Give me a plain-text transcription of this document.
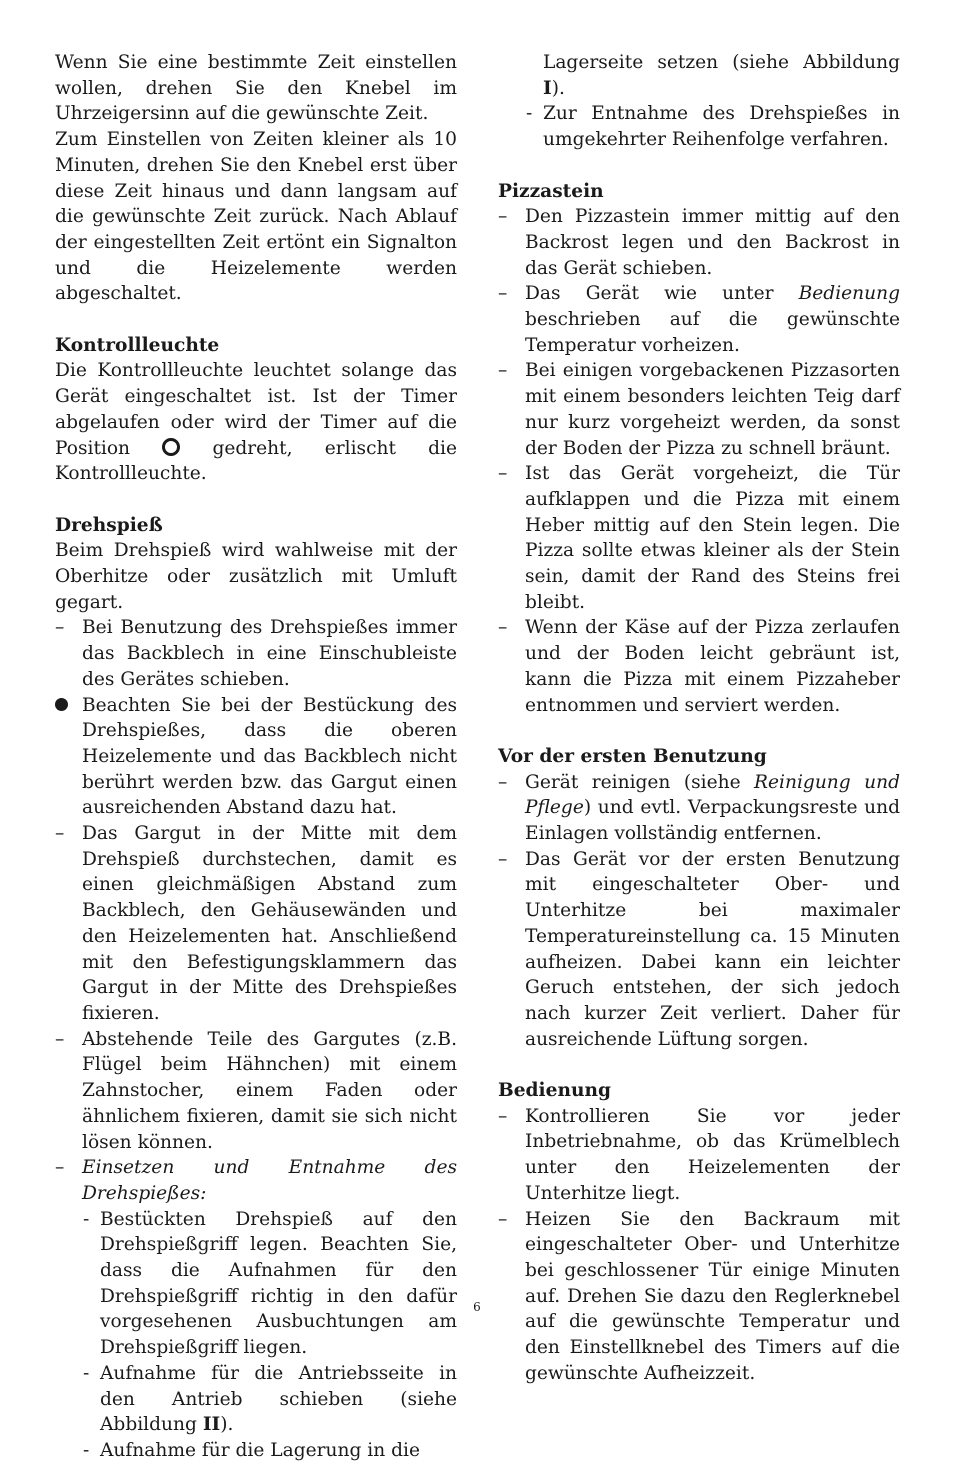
Wenn Sie eine bestimmte Zeit einstellen wollen, drehen Sie den Knebel im Uhrzeigersinn auf die gewünschte Zeit.

Zum Einstellen von Zeiten kleiner als 10 Minuten, drehen Sie den Knebel erst über diese Zeit hinaus und dann langsam auf die gewünschte Zeit zurück. Nach Ablauf der eingestellten Zeit ertönt ein Signalton und die Heizelemente werden abgeschaltet.

Kontrollleuchte

Die Kontrollleuchte leuchtet solange das Gerät eingeschaltet ist. Ist der Timer abgelaufen oder wird der Timer auf die Position	gedreht, erlischt die Kontrollleuchte.

Drehspieß

Beim Drehspieß wird wahlweise mit der Oberhitze oder zusätzlich mit Umluft gegart.

– Bei Benutzung des Drehspießes immer das Backblech in eine Einschubleiste des Gerätes schieben.
Beachten Sie bei der Bestückung des Drehspießes, dass die oberen Heizelemente und das Backblech nicht berührt werden bzw. das Gargut einen ausreichenden Abstand dazu hat.
– Das Gargut in der Mitte mit dem Drehspieß durchstechen, damit es einen gleichmäßigen Abstand zum Backblech, den Gehäusewänden und den Heizelementen hat. Anschließend mit den Befestigungsklammern das Gargut in der Mitte des Drehspießes fixieren.
– Abstehende Teile des Gargutes (z.B. Flügel beim Hähnchen) mit einem Zahnstocher, einem Faden oder ähnlichem fixieren, damit sie sich nicht lösen können.
– Einsetzen und Entnahme des Drehspießes:
- Bestückten Drehspieß auf den Drehspießgriff legen. Beachten Sie, dass die Aufnahmen für den Drehspießgriff richtig in den dafür vorgesehenen Ausbuchtungen am Drehspießgriff liegen.
- Aufnahme für die Antriebsseite in den Antrieb schieben (siehe Abbildung II).
- Aufnahme für die Lagerung in die
Lagerseite setzen (siehe Abbildung I).
- Zur Entnahme des Drehspießes in umgekehrter Reihenfolge verfahren.
Pizzastein
– Den Pizzastein immer mittig auf den Backrost legen und den Backrost in das Gerät schieben.
– Das Gerät wie unter Bedienung beschrieben auf die gewünschte Temperatur vorheizen.
– Bei einigen vorgebackenen Pizzasorten mit einem besonders leichten Teig darf nur kurz vorgeheizt werden, da sonst der Boden der Pizza zu schnell bräunt.
– Ist das Gerät vorgeheizt, die Tür aufklappen und die Pizza mit einem Heber mittig auf den Stein legen. Die Pizza sollte etwas kleiner als der Stein sein, damit der Rand des Steins frei bleibt.
– Wenn der Käse auf der Pizza zerlaufen und der Boden leicht gebräunt ist, kann die Pizza mit einem Pizzaheber entnommen und serviert werden.
Vor der ersten Benutzung
– Gerät reinigen (siehe Reinigung und Pflege) und evtl. Verpackungsreste und Einlagen vollständig entfernen.
– Das Gerät vor der ersten Benutzung mit eingeschalteter Ober- und Unterhitze bei maximaler Temperatureinstellung ca. 15 Minuten aufheizen. Dabei kann ein leichter Geruch entstehen, der sich jedoch nach kurzer Zeit verliert. Daher für ausreichende Lüftung sorgen.
Bedienung
– Kontrollieren Sie vor jeder Inbetriebnahme, ob das Krümelblech unter den Heizelementen der Unterhitze liegt.
– Heizen Sie den Backraum mit eingeschalteter Ober- und Unterhitze bei geschlossener Tür einige Minuten auf. Drehen Sie dazu den Reglerknebel auf die gewünschte Temperatur und den Einstellknebel des Timers auf die gewünschte Aufheizzeit.
6
